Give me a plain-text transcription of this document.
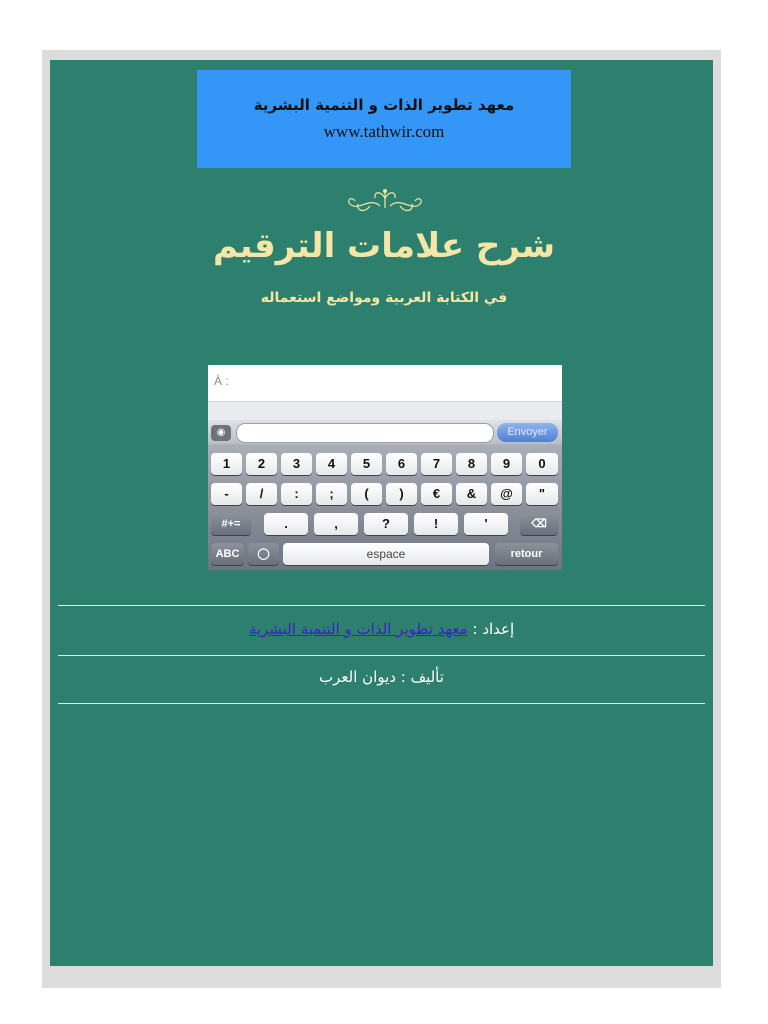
معهد تطوير الذات و التنمية البشرية
www.tathwir.com
شرح علامات الترقيم
في الكتابة العربية ومواضع استعماله
À :
◉	Envoyer
1	2	3	4	5	6	7	8	9	0
-	/	:	;	(	)	€	&	@	"
#+=	.	,	?	!	'	⌫
ABC	◯	espace	retour
إعداد : معهد تطوير الذات و التنمية البشرية
تأليف : ديوان العرب
